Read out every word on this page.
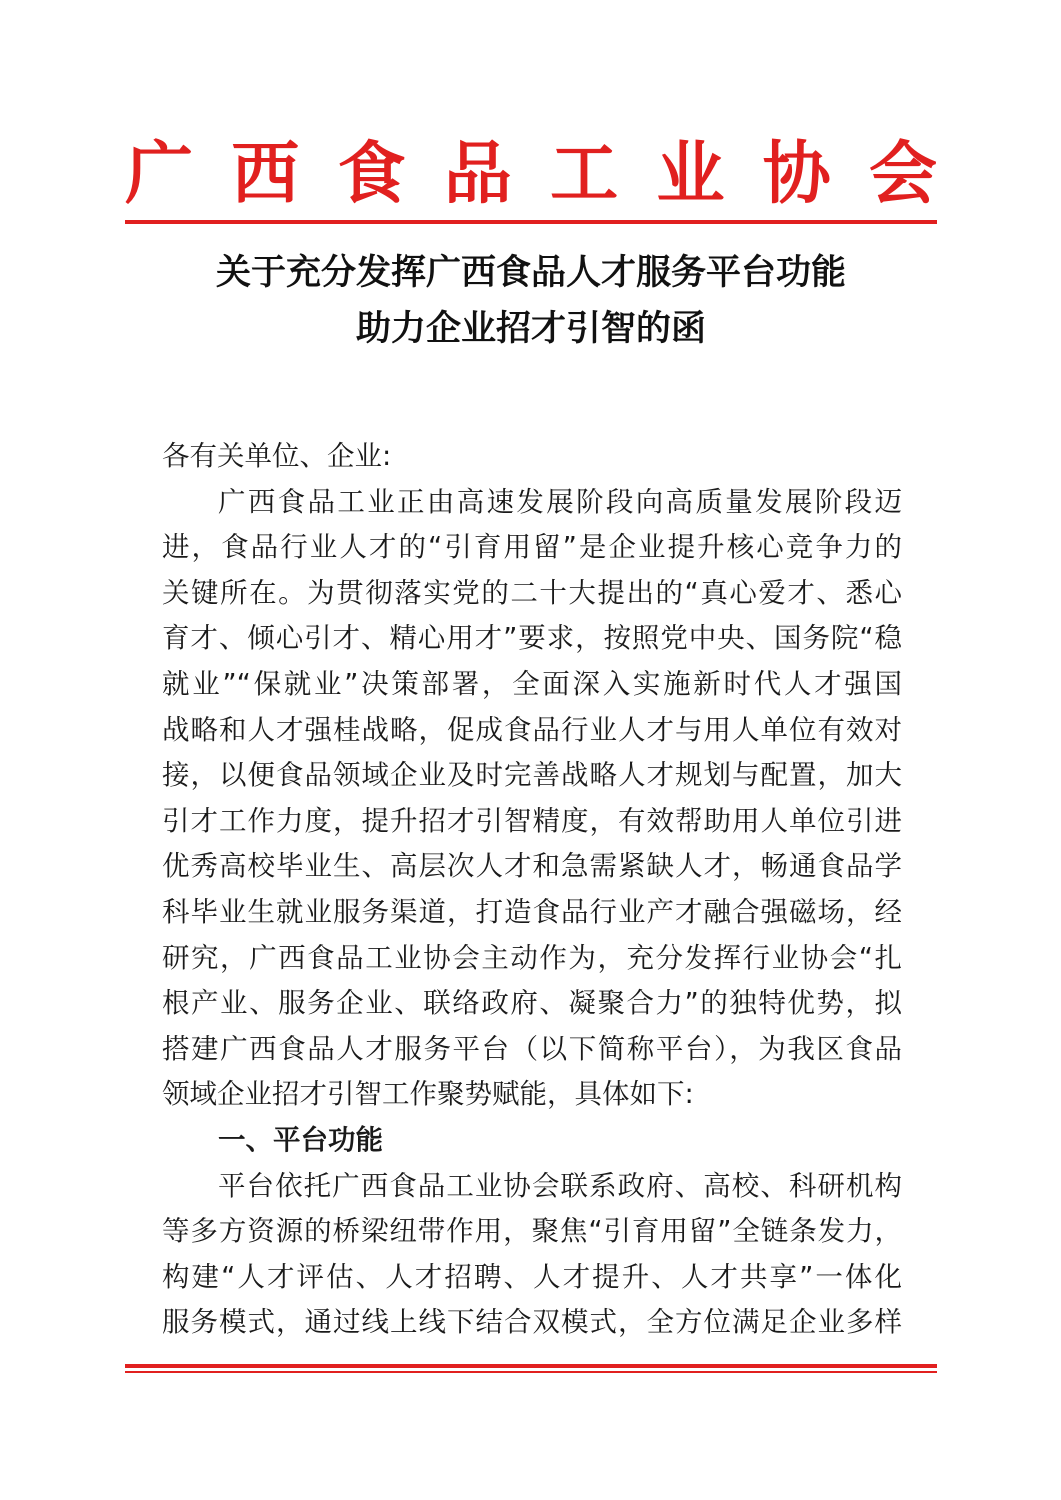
广 西 食 品 工 业 协 会
关于充分发挥广西食品人才服务平台功能
助力企业招才引智的函
各有关单位、企业:
广西食品工业正由高速发展阶段向高质量发展阶段迈
进，食品行业人才的“引育用留”是企业提升核心竞争力的
关键所在。为贯彻落实党的二十大提出的“真心爱才、悉心
育才、倾心引才、精心用才”要求，按照党中央、国务院“稳
就业”“保就业”决策部署，全面深入实施新时代人才强国
战略和人才强桂战略，促成食品行业人才与用人单位有效对
接，以便食品领域企业及时完善战略人才规划与配置，加大
引才工作力度，提升招才引智精度，有效帮助用人单位引进
优秀高校毕业生、高层次人才和急需紧缺人才，畅通食品学
科毕业生就业服务渠道，打造食品行业产才融合强磁场，经
研究，广西食品工业协会主动作为，充分发挥行业协会“扎
根产业、服务企业、联络政府、凝聚合力”的独特优势，拟
搭建广西食品人才服务平台（以下简称平台），为我区食品
领域企业招才引智工作聚势赋能，具体如下:
一、平台功能
平台依托广西食品工业协会联系政府、高校、科研机构
等多方资源的桥梁纽带作用，聚焦“引育用留”全链条发力，
构建“人才评估、人才招聘、人才提升、人才共享”一体化
服务模式，通过线上线下结合双模式，全方位满足企业多样
